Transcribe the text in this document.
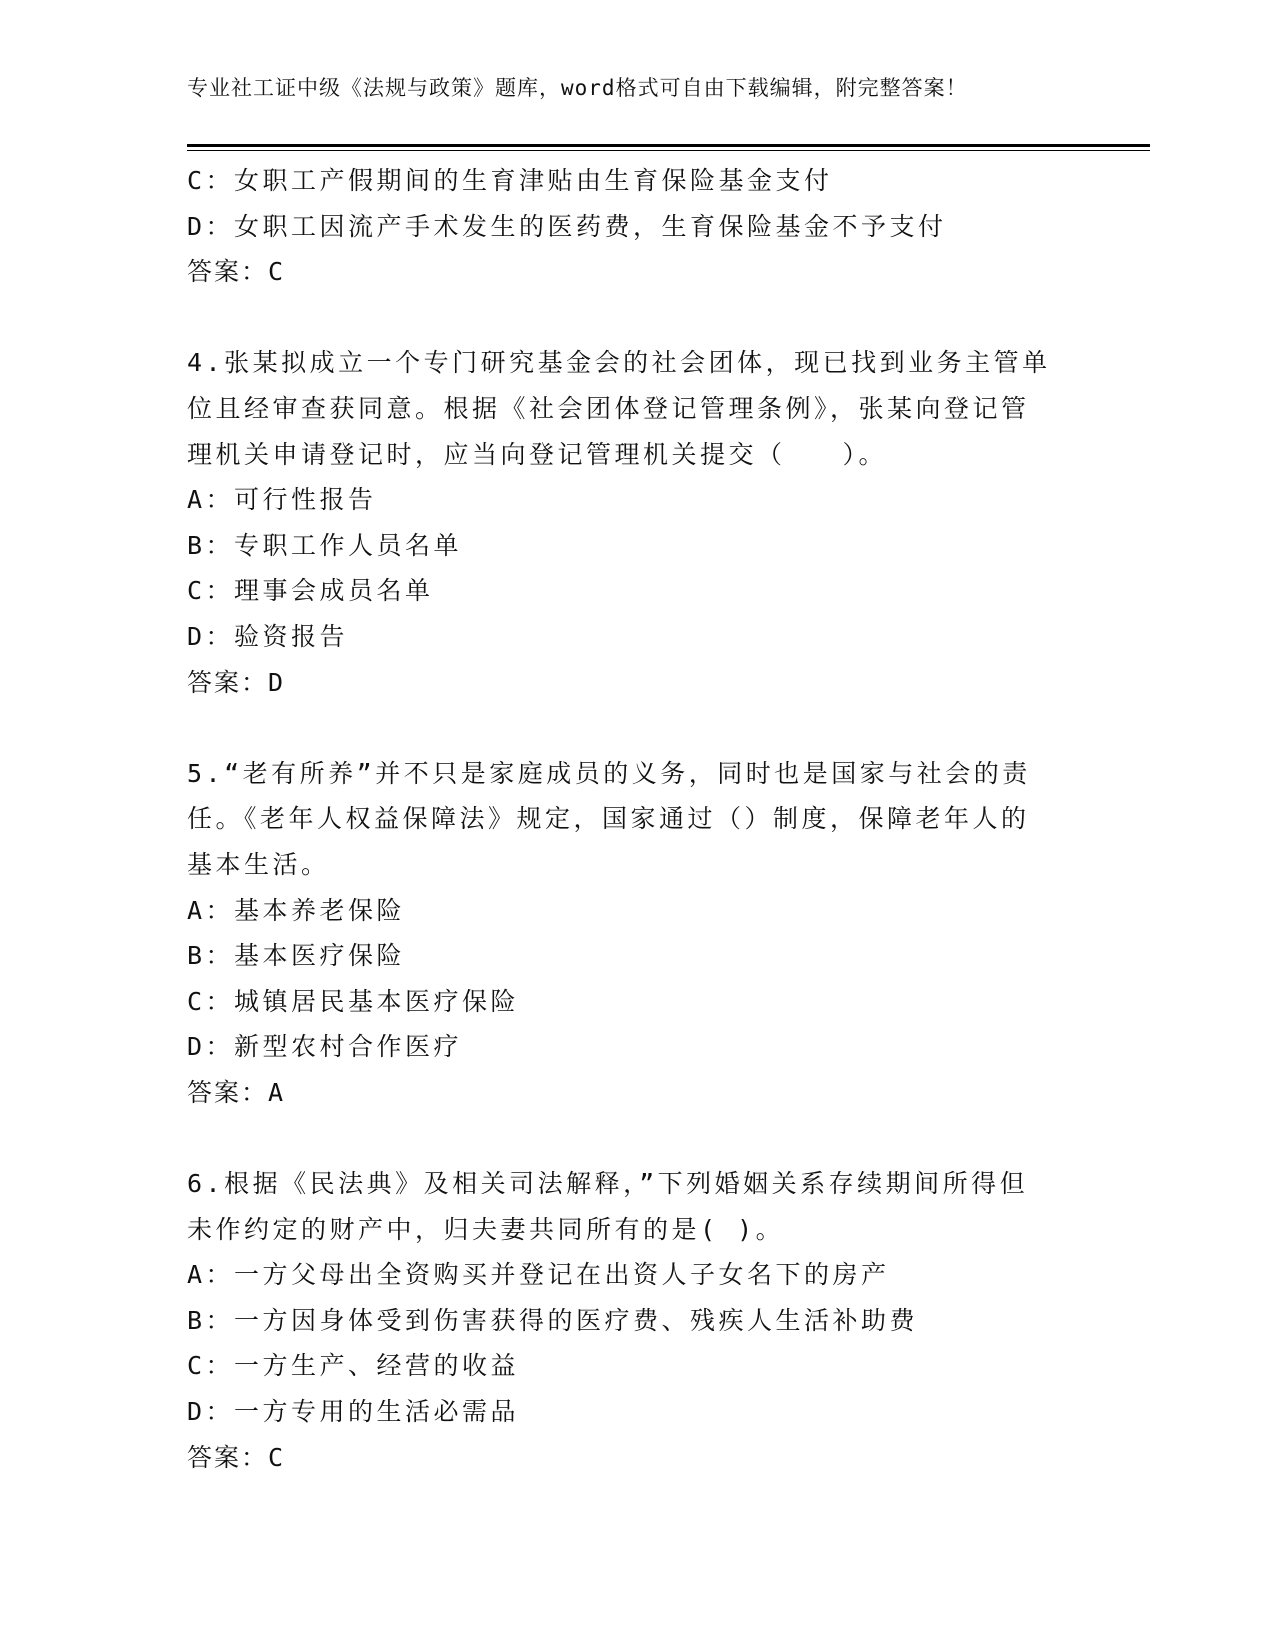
专业社工证中级《法规与政策》题库，word格式可自由下载编辑，附完整答案！
C：女职工产假期间的生育津贴由生育保险基金支付
D：女职工因流产手术发生的医药费，生育保险基金不予支付
答案：C
4.张某拟成立一个专门研究基金会的社会团体，现已找到业务主管单
位且经审查获同意。根据《社会团体登记管理条例》，张某向登记管
理机关申请登记时，应当向登记管理机关提交（　　）。
A：可行性报告
B：专职工作人员名单
C：理事会成员名单
D：验资报告
答案：D
5.“老有所养”并不只是家庭成员的义务，同时也是国家与社会的责
任。《老年人权益保障法》规定，国家通过（）制度，保障老年人的
基本生活。
A：基本养老保险
B：基本医疗保险
C：城镇居民基本医疗保险
D：新型农村合作医疗
答案：A
6.根据《民法典》及相关司法解释，”下列婚姻关系存续期间所得但
未作约定的财产中，归夫妻共同所有的是( )。
A：一方父母出全资购买并登记在出资人子女名下的房产
B：一方因身体受到伤害获得的医疗费、残疾人生活补助费
C：一方生产、经营的收益
D：一方专用的生活必需品
答案：C
